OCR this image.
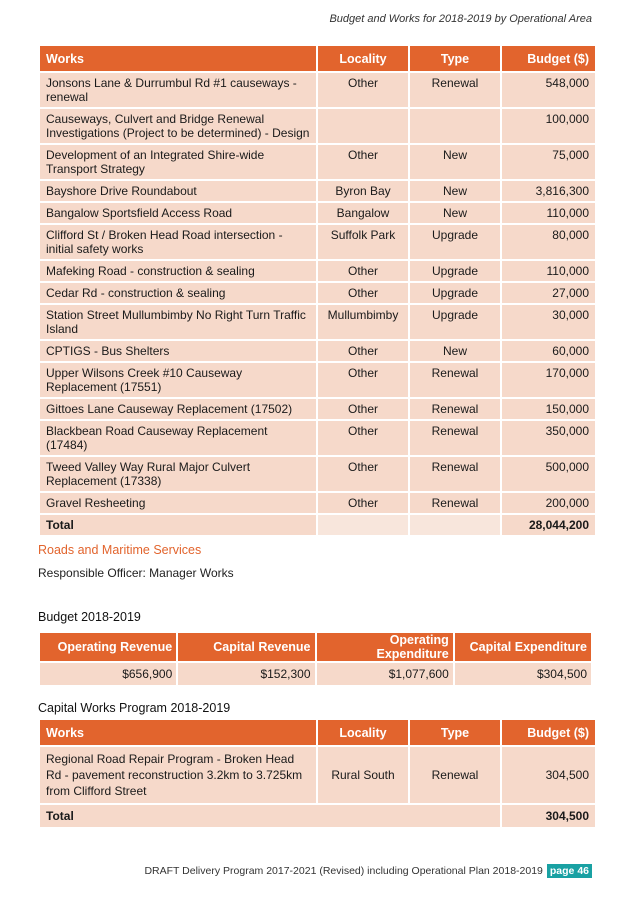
Budget and Works for 2018-2019 by Operational Area
Works	Locality	Type	Budget ($)
Jonsons Lane & Durrumbul Rd #1 causeways - renewal	Other	Renewal	548,000
Causeways, Culvert and Bridge Renewal Investigations (Project to be determined) - Design			100,000
Development of an Integrated Shire-wide Transport Strategy	Other	New	75,000
Bayshore Drive Roundabout	Byron Bay	New	3,816,300
Bangalow Sportsfield Access Road	Bangalow	New	110,000
Clifford St / Broken Head Road intersection - initial safety works	Suffolk Park	Upgrade	80,000
Mafeking Road - construction & sealing	Other	Upgrade	110,000
Cedar Rd - construction & sealing	Other	Upgrade	27,000
Station Street Mullumbimby No Right Turn Traffic Island	Mullumbimby	Upgrade	30,000
CPTIGS - Bus Shelters	Other	New	60,000
Upper Wilsons Creek #10 Causeway Replacement (17551)	Other	Renewal	170,000
Gittoes Lane Causeway Replacement (17502)	Other	Renewal	150,000
Blackbean Road Causeway Replacement (17484)	Other	Renewal	350,000
Tweed Valley Way Rural Major Culvert Replacement (17338)	Other	Renewal	500,000
Gravel Resheeting	Other	Renewal	200,000
Total			28,044,200
Roads and Maritime Services
Responsible Officer: Manager Works
Budget 2018-2019
Operating Revenue	Capital Revenue	Operating Expenditure	Capital Expenditure
$656,900	$152,300	$1,077,600	$304,500
Capital Works Program 2018-2019
Works	Locality	Type	Budget ($)
Regional Road Repair Program - Broken Head Rd - pavement reconstruction 3.2km to 3.725km from Clifford Street	Rural South	Renewal	304,500
Total			304,500
DRAFT Delivery Program 2017-2021 (Revised) including Operational Plan 2018-2019 page 46
